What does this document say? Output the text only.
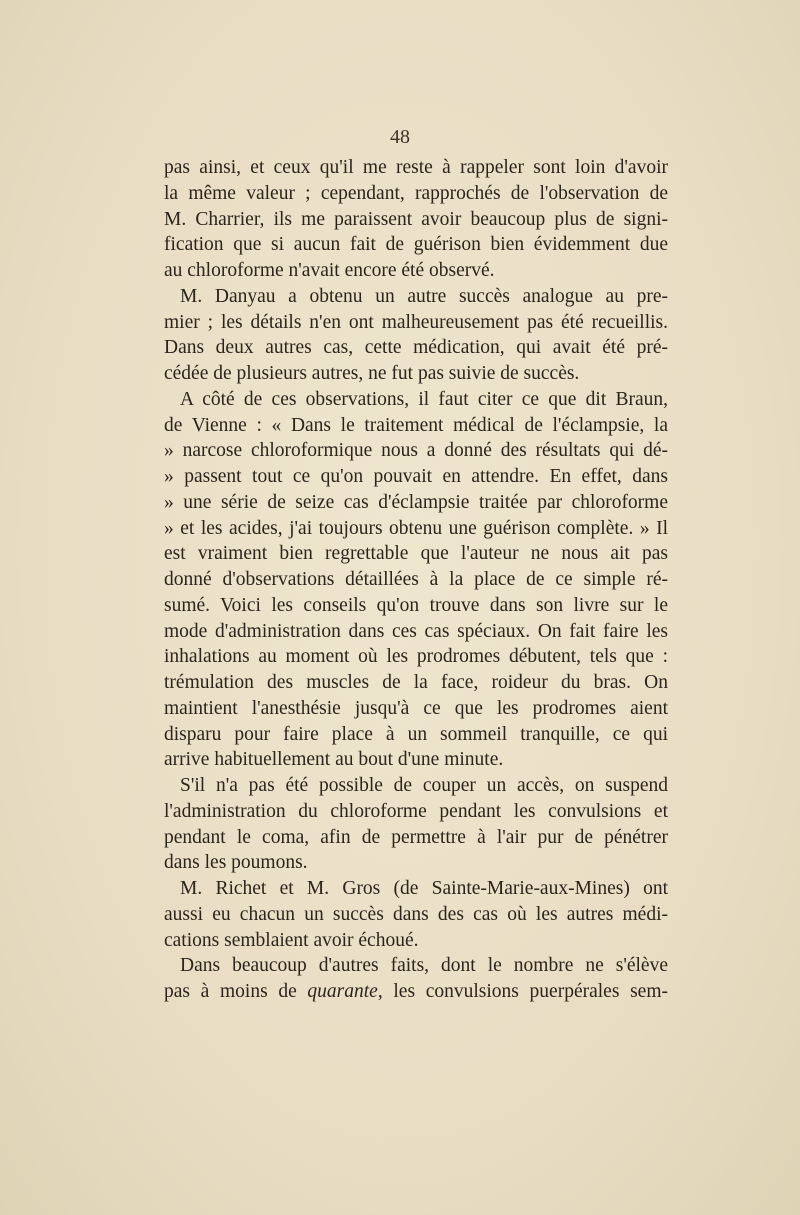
48
pas ainsi, et ceux qu'il me reste à rappeler sont loin d'avoir
la même valeur ; cependant, rapprochés de l'observation de
M. Charrier, ils me paraissent avoir beaucoup plus de signi-
fication que si aucun fait de guérison bien évidemment due
au chloroforme n'avait encore été observé.
M. Danyau a obtenu un autre succès analogue au pre-
mier ; les détails n'en ont malheureusement pas été recueillis.
Dans deux autres cas, cette médication, qui avait été pré-
cédée de plusieurs autres, ne fut pas suivie de succès.
A côté de ces observations, il faut citer ce que dit Braun,
de Vienne : « Dans le traitement médical de l'éclampsie, la
» narcose chloroformique nous a donné des résultats qui dé-
» passent tout ce qu'on pouvait en attendre. En effet, dans
» une série de seize cas d'éclampsie traitée par chloroforme
» et les acides, j'ai toujours obtenu une guérison complète. » Il
est vraiment bien regrettable que l'auteur ne nous ait pas
donné d'observations détaillées à la place de ce simple ré-
sumé. Voici les conseils qu'on trouve dans son livre sur le
mode d'administration dans ces cas spéciaux. On fait faire les
inhalations au moment où les prodromes débutent, tels que :
trémulation des muscles de la face, roideur du bras. On
maintient l'anesthésie jusqu'à ce que les prodromes aient
disparu pour faire place à un sommeil tranquille, ce qui
arrive habituellement au bout d'une minute.
S'il n'a pas été possible de couper un accès, on suspend
l'administration du chloroforme pendant les convulsions et
pendant le coma, afin de permettre à l'air pur de pénétrer
dans les poumons.
M. Richet et M. Gros (de Sainte-Marie-aux-Mines) ont
aussi eu chacun un succès dans des cas où les autres médi-
cations semblaient avoir échoué.
Dans beaucoup d'autres faits, dont le nombre ne s'élève
pas à moins de quarante, les convulsions puerpérales sem-
